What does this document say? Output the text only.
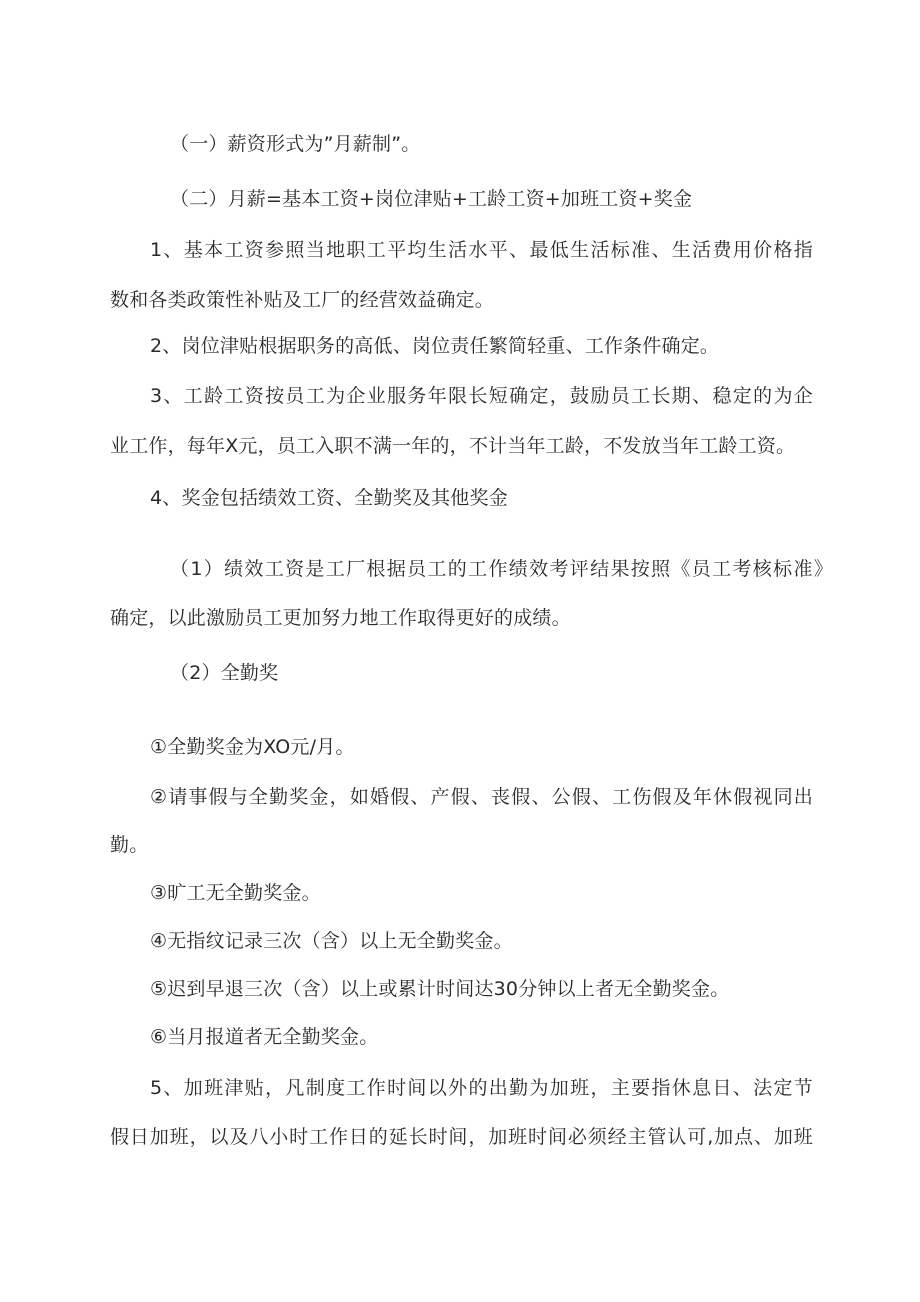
（一）薪资形式为”月薪制”。
（二）月薪=基本工资+岗位津贴+工龄工资+加班工资+奖金
1、基本工资参照当地职工平均生活水平、最低生活标准、生活费用价格指
数和各类政策性补贴及工厂的经营效益确定。
2、岗位津贴根据职务的高低、岗位责任繁简轻重、工作条件确定。
3、工龄工资按员工为企业服务年限长短确定，鼓励员工长期、稳定的为企
业工作，每年X元，员工入职不满一年的，不计当年工龄，不发放当年工龄工资。
4、奖金包括绩效工资、全勤奖及其他奖金
（1）绩效工资是工厂根据员工的工作绩效考评结果按照《员工考核标准》
确定，以此激励员工更加努力地工作取得更好的成绩。
（2）全勤奖
①全勤奖金为XO元/月。
②请事假与全勤奖金，如婚假、产假、丧假、公假、工伤假及年休假视同出
勤。
③旷工无全勤奖金。
④无指纹记录三次（含）以上无全勤奖金。
⑤迟到早退三次（含）以上或累计时间达30分钟以上者无全勤奖金。
⑥当月报道者无全勤奖金。
5、加班津贴，凡制度工作时间以外的出勤为加班，主要指休息日、法定节
假日加班，以及八小时工作日的延长时间，加班时间必须经主管认可,加点、加班
